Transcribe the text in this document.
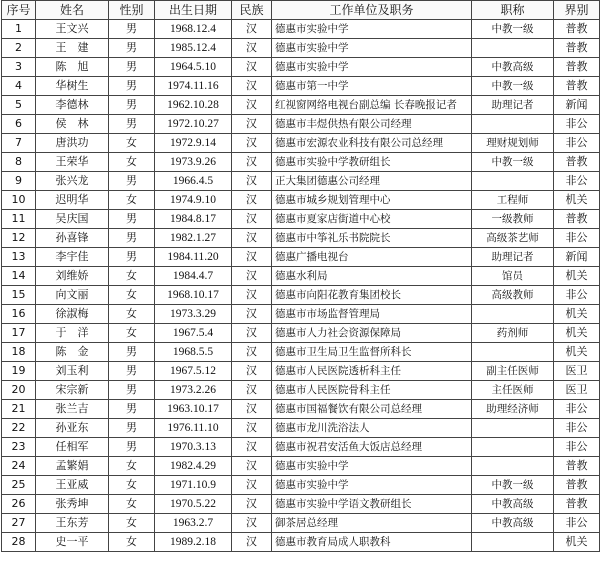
序号	姓名	性别	出生日期	民族	工作单位及职务	职称	界别
1	王文兴	男	1968.12.4	汉	德惠市实验中学	中教一级	普教
2	王　建	男	1985.12.4	汉	德惠市实验中学		普教
3	陈　旭	男	1964.5.10	汉	德惠市实验中学	中教高级	普教
4	华树生	男	1974.11.16	汉	德惠市第一中学	中教一级	普教
5	李德林	男	1962.10.28	汉	红视窗网络电视台副总编 长春晚报记者	助理记者	新闻
6	侯　林	男	1972.10.27	汉	德惠市丰煜供热有限公司经理		非公
7	唐洪功	女	1972.9.14	汉	德惠市宏源农业科技有限公司总经理	理财规划师	非公
8	王荣华	女	1973.9.26	汉	德惠市实验中学教研组长	中教一级	普教
9	张兴龙	男	1966.4.5	汉	正大集团德惠公司经理		非公
10	迟明华	女	1974.9.10	汉	德惠市城乡规划管理中心	工程师	机关
11	吴庆国	男	1984.8.17	汉	德惠市夏家店街道中心校	一级教师	普教
12	孙喜锋	男	1982.1.27	汉	德惠市中筝礼乐书院院长	高级茶艺师	非公
13	李宇佳	男	1984.11.20	汉	德惠广播电视台	助理记者	新闻
14	刘维娇	女	1984.4.7	汉	德惠水利局	馆员	机关
15	向文丽	女	1968.10.17	汉	德惠市向阳花教育集团校长	高级教师	非公
16	徐淑梅	女	1973.3.29	汉	德惠市市场监督管理局		机关
17	于　洋	女	1967.5.4	汉	德惠市人力社会资源保障局	药剂师	机关
18	陈　金	男	1968.5.5	汉	德惠市卫生局卫生监督所科长		机关
19	刘玉利	男	1967.5.12	汉	德惠市人民医院透析科主任	副主任医师	医卫
20	宋宗新	男	1973.2.26	汉	德惠市人民医院骨科主任	主任医师	医卫
21	张兰吉	男	1963.10.17	汉	德惠市国福餐饮有限公司总经理	助理经济师	非公
22	孙亚东	男	1976.11.10	汉	德惠市龙川洗浴法人		非公
23	任相军	男	1970.3.13	汉	德惠市祝君安活鱼大饭店总经理		非公
24	孟繁娟	女	1982.4.29	汉	德惠市实验中学		普教
25	王亚威	女	1971.10.9	汉	德惠市实验中学	中教一级	普教
26	张秀坤	女	1970.5.22	汉	德惠市实验中学语文教研组长	中教高级	普教
27	王东芳	女	1963.2.7	汉	御茶居总经理	中教高级	非公
28	史一平	女	1989.2.18	汉	德惠市教育局成人职教科		机关
